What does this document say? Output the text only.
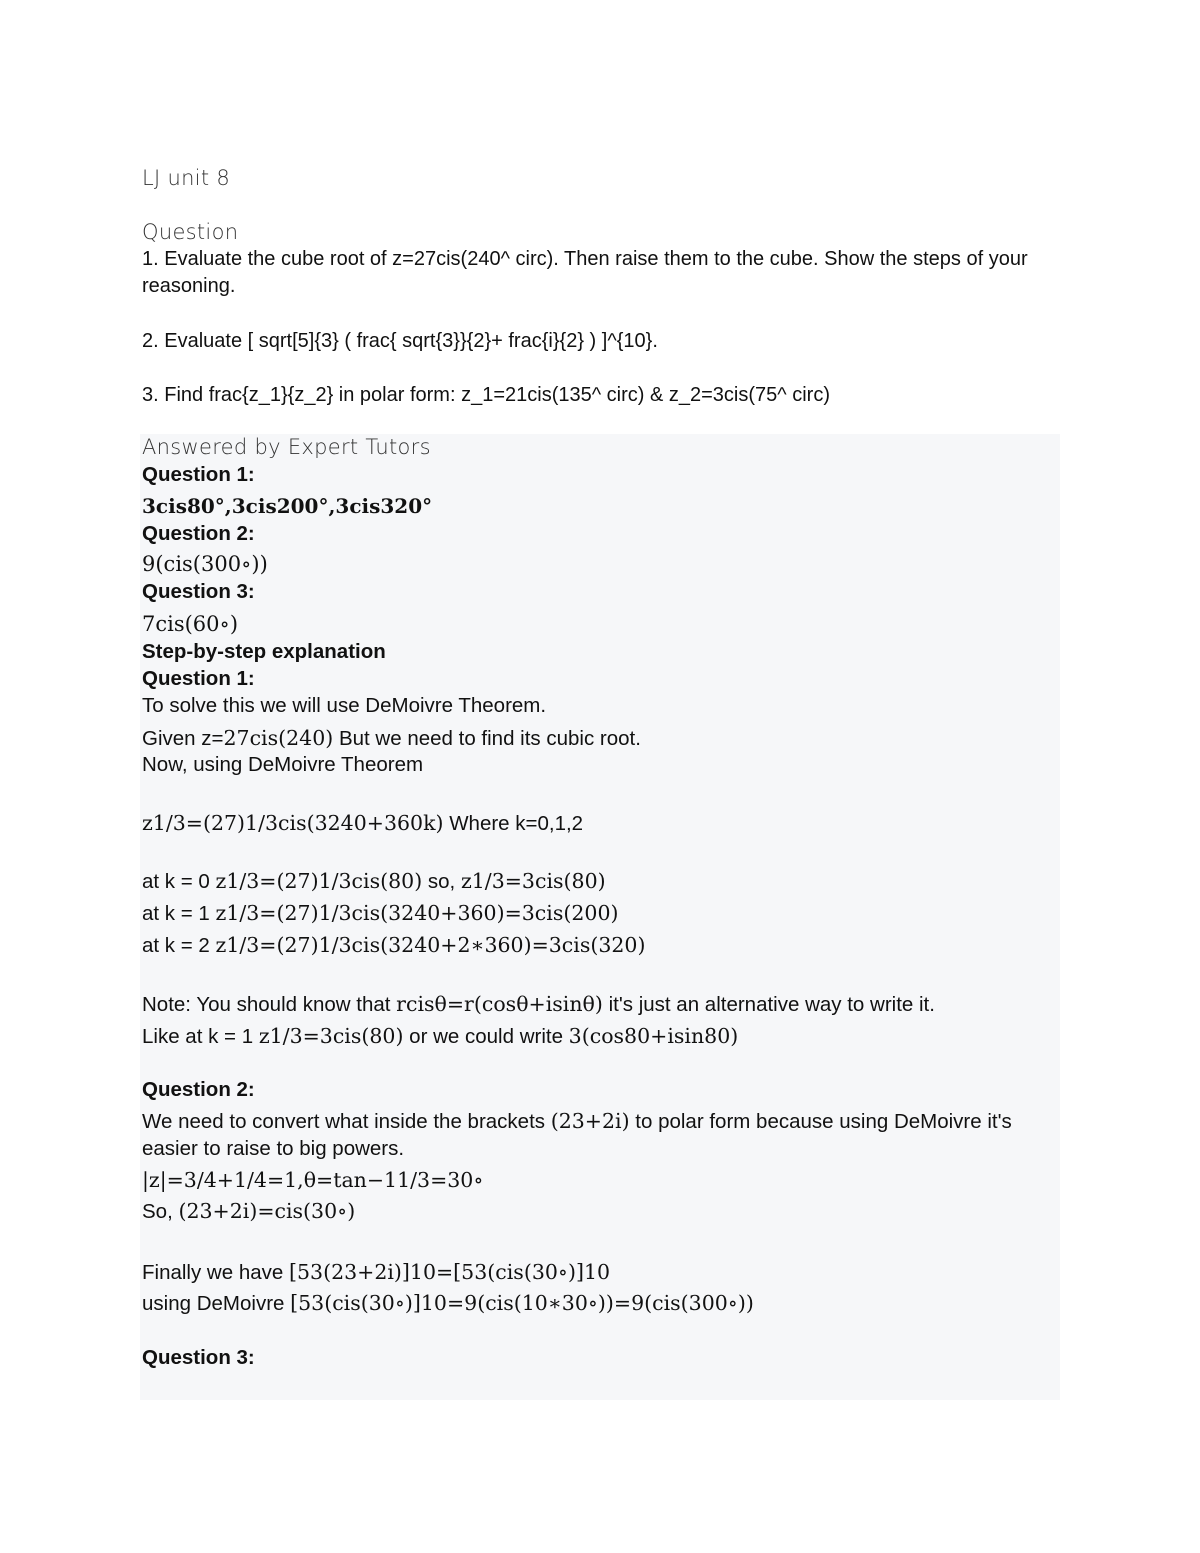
LJ unit 8
Question
1. Evaluate the cube root of z=27cis(240^ circ). Then raise them to the cube. Show the steps of your reasoning.
2. Evaluate [ sqrt[5]{3} ( frac{ sqrt{3}}{2}+ frac{i}{2} ) ]^{10}.
3. Find frac{z_1}{z_2} in polar form: z_1=21cis(135^ circ) & z_2=3cis(75^ circ)
Answered by Expert Tutors
Question 1:
3cis80°,3cis200°,3cis320°
Question 2:
9(cis(300∘))
Question 3:
7cis(60∘)
Step-by-step explanation
Question 1:
To solve this we will use DeMoivre Theorem.
Given z=27cis(240) But we need to find its cubic root.
Now, using DeMoivre Theorem
z1/3=(27)1/3cis(3240+360k) Where k=0,1,2
at k = 0 z1/3=(27)1/3cis(80) so, z1/3=3cis(80)
at k = 1 z1/3=(27)1/3cis(3240+360)=3cis(200)
at k = 2 z1/3=(27)1/3cis(3240+2∗360)=3cis(320)
Note: You should know that rcisθ=r(cosθ+isinθ) it's just an alternative way to write it.
Like at k = 1 z1/3=3cis(80) or we could write 3(cos80+isin80)
Question 2:
We need to convert what inside the brackets (23+2i) to polar form because using DeMoivre it's easier to raise to big powers.
|z|=3/4+1/4=1,θ=tan−11/3=30∘
So, (23+2i)=cis(30∘)
Finally we have [53(23+2i)]10=[53(cis(30∘)]10
using DeMoivre [53(cis(30∘)]10=9(cis(10∗30∘))=9(cis(300∘))
Question 3:
